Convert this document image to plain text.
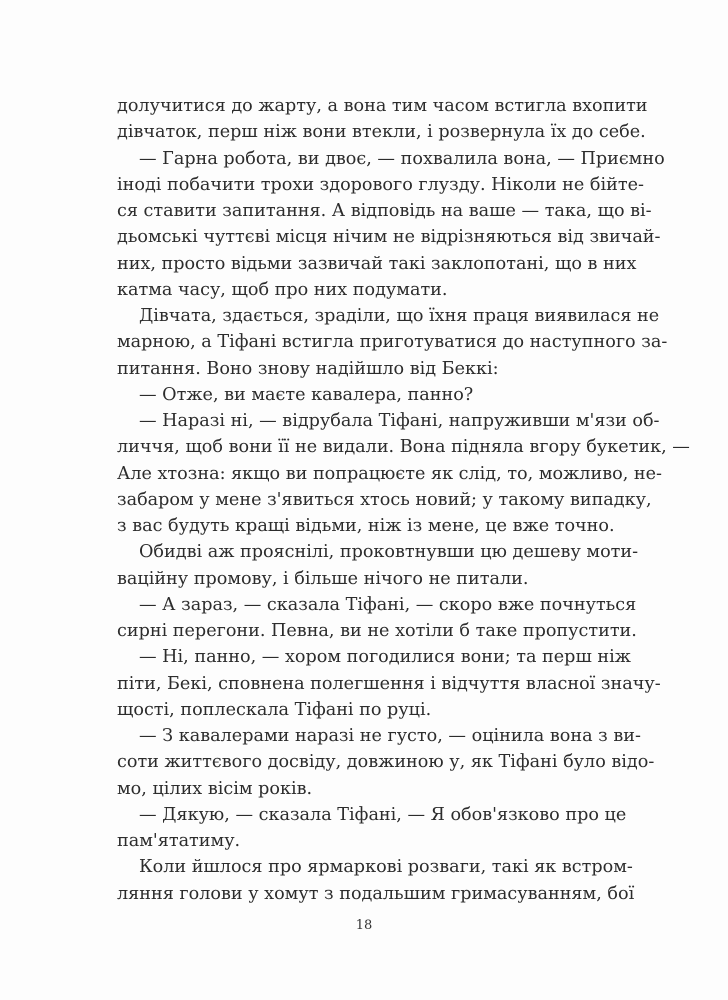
долучитися до жарту, а вона тим часом встигла вхопити
дівчаток, перш ніж вони втекли, і розвернула їх до себе.
— Гарна робота, ви двоє, — похвалила вона, — Приємно
іноді побачити трохи здорового глузду. Ніколи не бійте-
ся ставити запитання. А відповідь на ваше — така, що ві-
дьомські чуттєві місця нічим не відрізняються від звичай-
них, просто відьми зазвичай такі заклопотані, що в них
катма часу, щоб про них подумати.
Дівчата, здається, зраділи, що їхня праця виявилася не
марною, а Тіфані встигла приготуватися до наступного за-
питання. Воно знову надійшло від Беккі:
— Отже, ви маєте кавалера, панно?
— Наразі ні, — відрубала Тіфані, напруживши м'язи об-
личчя, щоб вони її не видали. Вона підняла вгору букетик, —
Але хтозна: якщо ви попрацюєте як слід, то, можливо, не-
забаром у мене з'явиться хтось новий; у такому випадку,
з вас будуть кращі відьми, ніж із мене, це вже точно.
Обидві аж прояснілі, проковтнувши цю дешеву моти-
ваційну промову, і більше нічого не питали.
— А зараз, — сказала Тіфані, — скоро вже почнуться
сирні перегони. Певна, ви не хотіли б таке пропустити.
— Ні, панно, — хором погодилися вони; та перш ніж
піти, Бекі, сповнена полегшення і відчуття власної значу-
щості, поплескала Тіфані по руці.
— З кавалерами наразі не густо, — оцінила вона з ви-
соти життєвого досвіду, довжиною у, як Тіфані було відо-
мо, цілих вісім років.
— Дякую, — сказала Тіфані, — Я обов'язково про це
пам'ятатиму.
Коли йшлося про ярмаркові розваги, такі як встром-
ляння голови у хомут з подальшим гримасуванням, бої
18
